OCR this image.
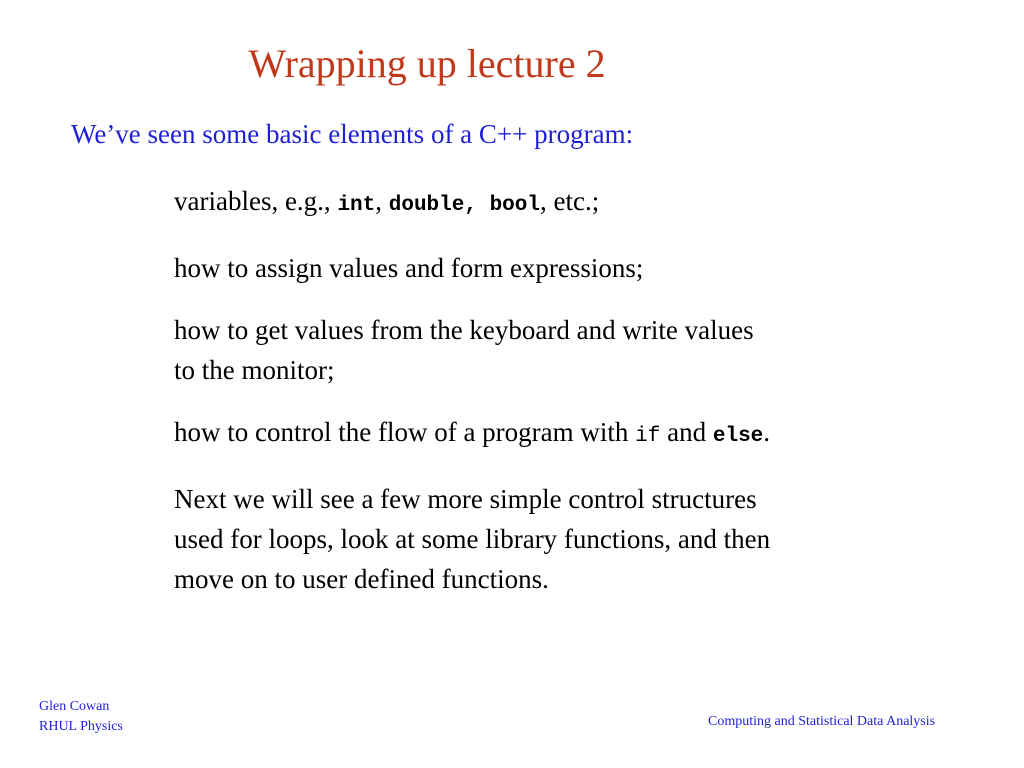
Wrapping up lecture 2
We’ve seen some basic elements of a C++ program:
variables, e.g., int, double, bool, etc.;
how to assign values and form expressions;
how to get values from the keyboard and write values
to the monitor;
how to control the flow of a program with if and else.
Next we will see a few more simple control structures
used for loops, look at some library functions, and then
move on to user defined functions.
Glen Cowan
RHUL Physics	Computing and Statistical Data Analysis
